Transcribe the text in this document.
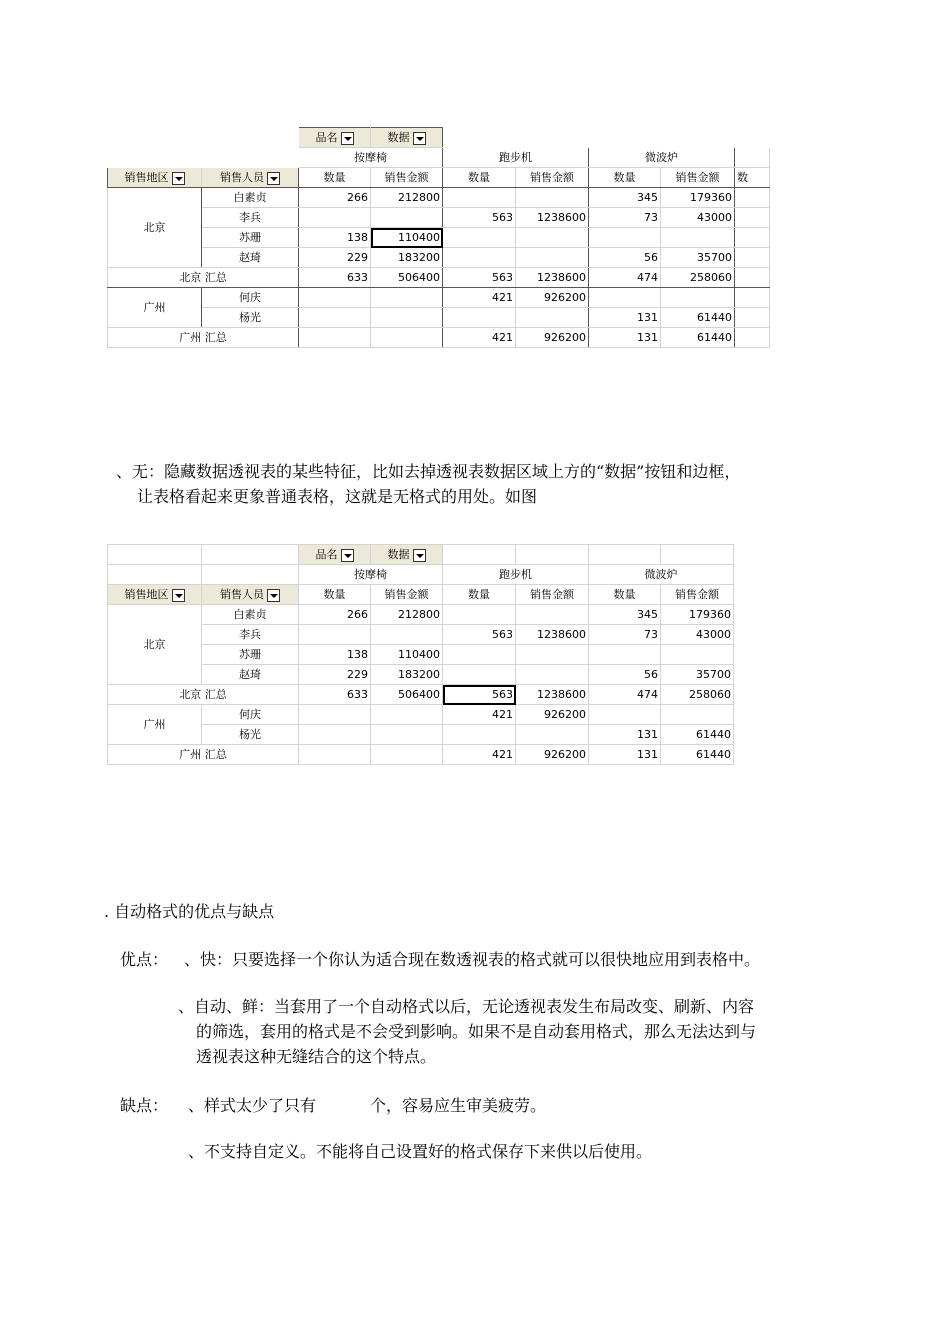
		品名	数据					
		按摩椅		跑步机		微波炉		
销售地区	销售人员	数量	销售金额	数量	销售金额	数量	销售金额	数
北京	白素贞	266	212800			345	179360	
	李兵			563	1238600	73	43000	
	苏珊	138	110400					
	赵琦	229	183200			56	35700	
北京 汇总		633	506400	563	1238600	474	258060	
广州	何庆			421	926200			
	杨光					131	61440	
广州 汇总				421	926200	131	61440	
、无：隐藏数据透视表的某些特征，比如去掉透视表数据区域上方的“数据”按钮和边框，
让表格看起来更象普通表格，这就是无格式的用处。如图
		品名	数据				
		按摩椅		跑步机		微波炉	
销售地区	销售人员	数量	销售金额	数量	销售金额	数量	销售金额
北京	白素贞	266	212800			345	179360
	李兵			563	1238600	73	43000
	苏珊	138	110400				
	赵琦	229	183200			56	35700
北京 汇总		633	506400	563	1238600	474	258060
广州	何庆			421	926200		
	杨光					131	61440
广州 汇总				421	926200	131	61440
. 自动格式的优点与缺点
优点： 、快：只要选择一个你认为适合现在数透视表的格式就可以很快地应用到表格中。
、自动、鲜：当套用了一个自动格式以后，无论透视表发生布局改变、刷新、内容
的筛选，套用的格式是不会受到影响。如果不是自动套用格式，那么无法达到与
透视表这种无缝结合的这个特点。
缺点： 、样式太少了只有	个，容易应生审美疲劳。
、不支持自定义。不能将自己设置好的格式保存下来供以后使用。
